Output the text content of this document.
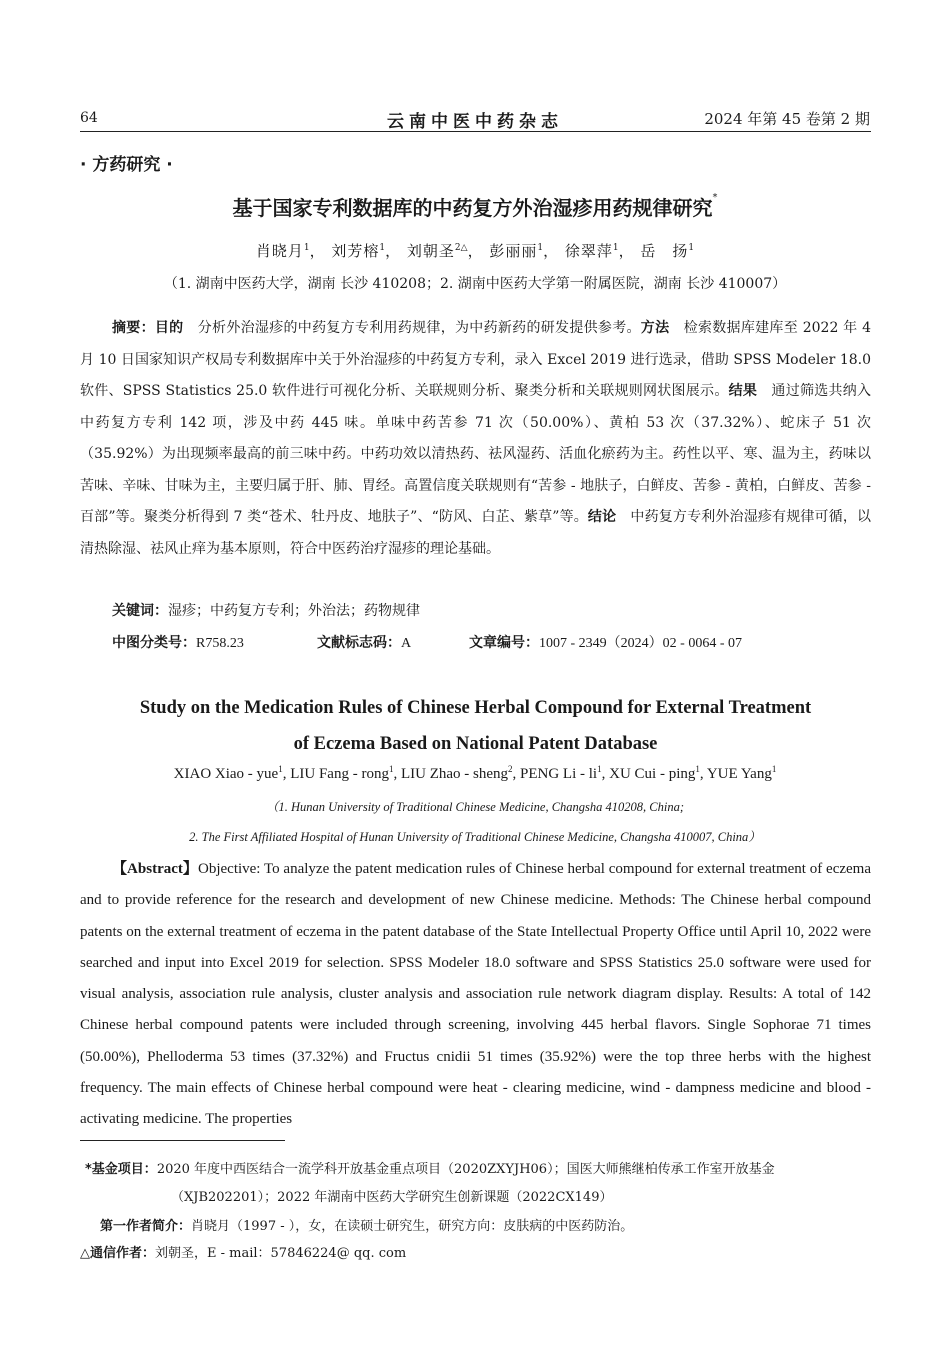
64	云南中医中药杂志	2024 年第 45 卷第 2 期
· 方药研究 ·
基于国家专利数据库的中药复方外治湿疹用药规律研究*
肖晓月$^1$， 刘芳榕$^1$， 刘朝圣$^{2\triangle}$， 彭丽丽$^1$， 徐翠萍$^1$， 岳　扬$^1$
（1. 湖南中医药大学，湖南 长沙 410208；2. 湖南中医药大学第一附属医院，湖南 长沙 410007）

摘要：目的　 分析外治湿疹的中药复方专利用药规律，为中药新药的研发提供参考。方法　 检索数据库建库至 2022 年 4 月 10 日国家知识产权局专利数据库中关于外治湿疹的中药复方专利，录入 Excel 2019 进行选录，借助 SPSS Modeler 18.0 软件、SPSS Statistics 25.0 软件进行可视化分析、关联规则分析、聚类分析和关联规则网状图展示。结果　 通过筛选共纳入中药复方专利 142 项，涉及中药 445 味。单味中药苦参 71 次（50.00%）、黄柏 53 次（37.32%）、蛇床子 51 次（35.92%）为出现频率最高的前三味中药。中药功效以清热药、祛风湿药、活血化瘀药为主。药性以平、寒、温为主，药味以苦味、辛味、甘味为主，主要归属于肝、肺、胃经。高置信度关联规则有“苦参 - 地肤子，白鲜皮、苦参 - 黄柏，白鲜皮、苦参 - 百部”等。聚类分析得到 7 类“苍术、牡丹皮、地肤子”、“防风、白芷、紫草”等。结论　 中药复方专利外治湿疹有规律可循，以清热除湿、祛风止痒为基本原则，符合中医药治疗湿疹的理论基础。

关键词：湿疹；中药复方专利；外治法；药物规律
中图分类号：R758.23	文献标志码：A	文章编号：1007 - 2349（2024）02 - 0064 - 07
Study on the Medication Rules of Chinese Herbal Compound for External Treatment
of Eczema Based on National Patent Database
XIAO Xiao - yue$^1$, LIU Fang - rong$^1$, LIU Zhao - sheng$^2$, PENG Li - $li^1$, XU Cui - ping$^1$, YUE Yang$^1$
（1. Hunan University of Traditional Chinese Medicine, Changsha 410208, China;
2. The First Affiliated Hospital of Hunan University of Traditional Chinese Medicine, Changsha 410007, China）

【Abstract】Objective: To analyze the patent medication rules of Chinese herbal compound for external treatment of eczema and to provide reference for the research and development of new Chinese medicine. Methods: The Chinese herbal compound patents on the external treatment of eczema in the patent database of the State Intellectual Property Office until April 10, 2022 were searched and input into Excel 2019 for selection. SPSS Modeler 18.0 software and SPSS Statistics 25.0 software were used for visual analysis, association rule analysis, cluster analysis and association rule network diagram display. Results: A total of 142 Chinese herbal compound patents were included through screening, involving 445 herbal flavors. Single Sophorae 71 times (50.00%), Phelloderma 53 times (37.32%) and Fructus cnidii 51 times (35.92%) were the top three herbs with the highest frequency. The main effects of Chinese herbal compound were heat - clearing medicine, wind - dampness medicine and blood - activating medicine. The properties

*基金项目：2020 年度中西医结合一流学科开放基金重点项目（2020ZXYJH06）；国医大师熊继柏传承工作室开放基金
（XJB202201）；2022 年湖南中医药大学研究生创新课题（2022CX149）

第一作者简介：肖晓月（1997 - ），女，在读硕士研究生，研究方向：皮肤病的中医药防治。
△通信作者：刘朝圣，E - mail：57846224@ qq. com
